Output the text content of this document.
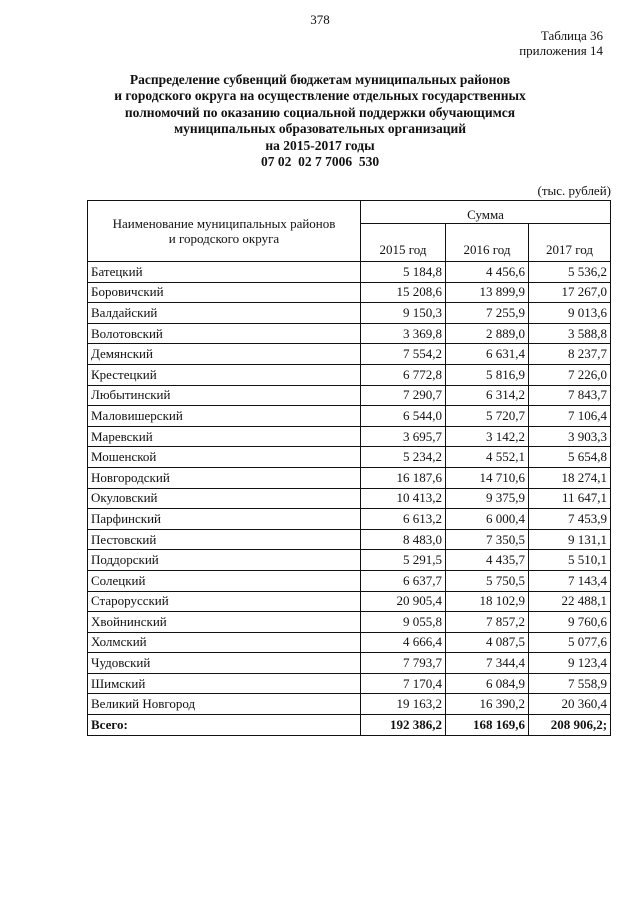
378
Таблица 36
приложения 14
Распределение субвенций бюджетам муниципальных районов
и городского округа на осуществление отдельных государственных
полномочий по оказанию социальной поддержки обучающимся
муниципальных образовательных организаций
на 2015-2017 годы
07 02  02 7 7006  530
(тыс. рублей)
Наименование муниципальных районов
и городского округа	Сумма		
	2015 год	2016 год	2017 год
Батецкий	5 184,8	4 456,6	5 536,2
Боровичский	15 208,6	13 899,9	17 267,0
Валдайский	9 150,3	7 255,9	9 013,6
Волотовский	3 369,8	2 889,0	3 588,8
Демянский	7 554,2	6 631,4	8 237,7
Крестецкий	6 772,8	5 816,9	7 226,0
Любытинский	7 290,7	6 314,2	7 843,7
Маловишерский	6 544,0	5 720,7	7 106,4
Маревский	3 695,7	3 142,2	3 903,3
Мошенской	5 234,2	4 552,1	5 654,8
Новгородский	16 187,6	14 710,6	18 274,1
Окуловский	10 413,2	9 375,9	11 647,1
Парфинский	6 613,2	6 000,4	7 453,9
Пестовский	8 483,0	7 350,5	9 131,1
Поддорский	5 291,5	4 435,7	5 510,1
Солецкий	6 637,7	5 750,5	7 143,4
Старорусский	20 905,4	18 102,9	22 488,1
Хвойнинский	9 055,8	7 857,2	9 760,6
Холмский	4 666,4	4 087,5	5 077,6
Чудовский	7 793,7	7 344,4	9 123,4
Шимский	7 170,4	6 084,9	7 558,9
Великий Новгород	19 163,2	16 390,2	20 360,4
Всего:	192 386,2	168 169,6	208 906,2;
